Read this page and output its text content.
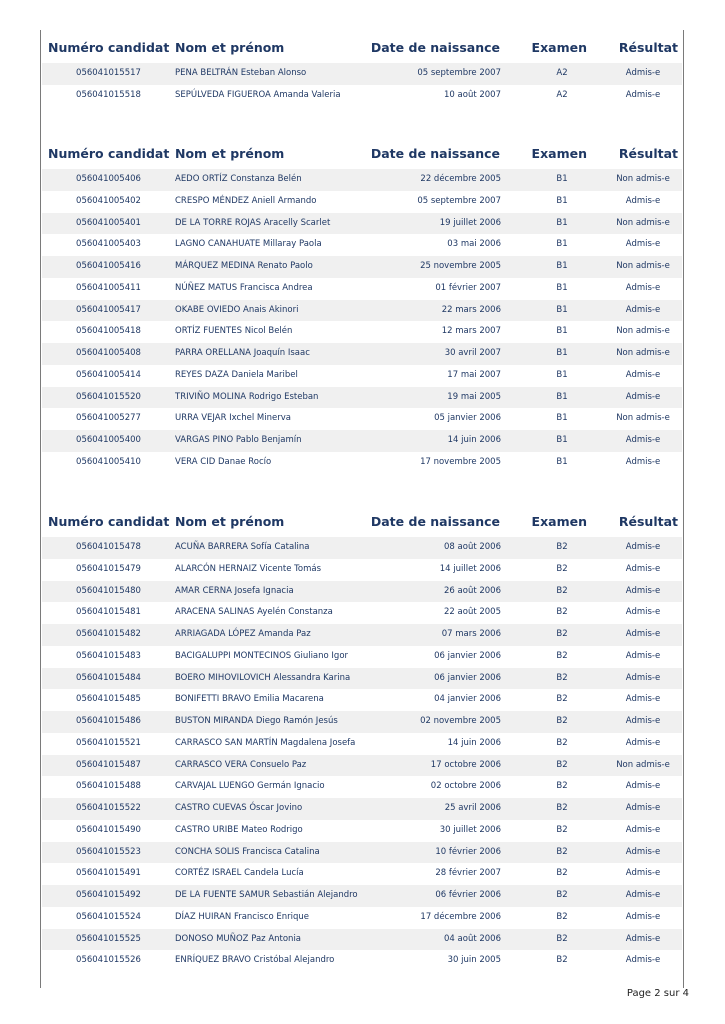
Numéro candidat Nom et prénom	Date de naissance	Examen	Résultat
056041015517	PENA BELTRÁN Esteban Alonso	05 septembre 2007	A2	Admis-e
056041015518	SEPÚLVEDA FIGUEROA Amanda Valeria	10 août 2007	A2	Admis-e
Numéro candidat Nom et prénom	Date de naissance	Examen	Résultat
056041005406	AEDO ORTÍZ Constanza Belén	22 décembre 2005	B1	Non admis-e
056041005402	CRESPO MÉNDEZ Aniell Armando	05 septembre 2007	B1	Admis-e
056041005401	DE LA TORRE ROJAS Aracelly Scarlet	19 juillet 2006	B1	Non admis-e
056041005403	LAGNO CANAHUATE Millaray Paola	03 mai 2006	B1	Admis-e
056041005416	MÁRQUEZ MEDINA Renato Paolo	25 novembre 2005	B1	Non admis-e
056041005411	NÚÑEZ MATUS Francisca Andrea	01 février 2007	B1	Admis-e
056041005417	OKABE OVIEDO Anais Akinori	22 mars 2006	B1	Admis-e
056041005418	ORTÍZ FUENTES Nicol Belén	12 mars 2007	B1	Non admis-e
056041005408	PARRA ORELLANA Joaquín Isaac	30 avril 2007	B1	Non admis-e
056041005414	REYES DAZA Daniela Maribel	17 mai 2007	B1	Admis-e
056041015520	TRIVIÑO MOLINA Rodrigo Esteban	19 mai 2005	B1	Admis-e
056041005277	URRA VEJAR Ixchel Minerva	05 janvier 2006	B1	Non admis-e
056041005400	VARGAS PINO Pablo Benjamín	14 juin 2006	B1	Admis-e
056041005410	VERA CID Danae Rocío	17 novembre 2005	B1	Admis-e
Numéro candidat Nom et prénom	Date de naissance	Examen	Résultat
056041015478	ACUÑA BARRERA Sofía Catalina	08 août 2006	B2	Admis-e
056041015479	ALARCÓN HERNAIZ Vicente Tomás	14 juillet 2006	B2	Admis-e
056041015480	AMAR CERNA Josefa Ignacia	26 août 2006	B2	Admis-e
056041015481	ARACENA SALINAS Ayelén Constanza	22 août 2005	B2	Admis-e
056041015482	ARRIAGADA LÓPEZ Amanda Paz	07 mars 2006	B2	Admis-e
056041015483	BACIGALUPPI MONTECINOS Giuliano Igor	06 janvier 2006	B2	Admis-e
056041015484	BOERO MIHOVILOVICH Alessandra Karina	06 janvier 2006	B2	Admis-e
056041015485	BONIFETTI BRAVO Emilia Macarena	04 janvier 2006	B2	Admis-e
056041015486	BUSTON MIRANDA Diego Ramón Jesús	02 novembre 2005	B2	Admis-e
056041015521	CARRASCO SAN MARTÍN Magdalena Josefa	14 juin 2006	B2	Admis-e
056041015487	CARRASCO VERA Consuelo Paz	17 octobre 2006	B2	Non admis-e
056041015488	CARVAJAL LUENGO Germán Ignacio	02 octobre 2006	B2	Admis-e
056041015522	CASTRO CUEVAS Óscar Jovino	25 avril 2006	B2	Admis-e
056041015490	CASTRO URIBE Mateo Rodrigo	30 juillet 2006	B2	Admis-e
056041015523	CONCHA SOLIS Francisca Catalina	10 février 2006	B2	Admis-e
056041015491	CORTÉZ ISRAEL Candela Lucía	28 février 2007	B2	Admis-e
056041015492	DE LA FUENTE SAMUR Sebastián Alejandro	06 février 2006	B2	Admis-e
056041015524	DÍAZ HUIRAN Francisco Enrique	17 décembre 2006	B2	Admis-e
056041015525	DONOSO MUÑOZ Paz Antonia	04 août 2006	B2	Admis-e
056041015526	ENRÍQUEZ BRAVO Cristóbal Alejandro	30 juin 2005	B2	Admis-e
Page 2 sur 4
